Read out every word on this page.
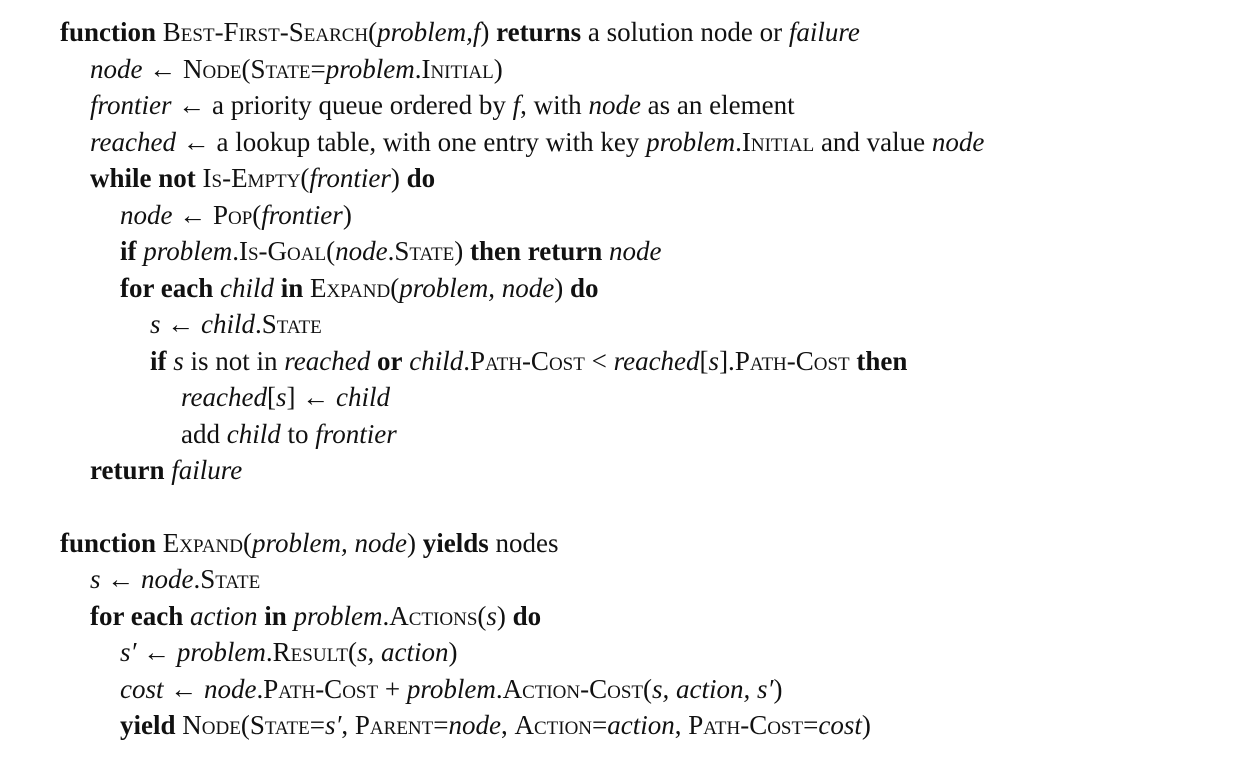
function Best-First-Search(problem,f) returns a solution node or failure
node ← Node(State=problem.Initial)
frontier ← a priority queue ordered by f, with node as an element
reached ← a lookup table, with one entry with key problem.Initial and value node
while not Is-Empty(frontier) do
node ← Pop(frontier)
if problem.Is-Goal(node.State) then return node
for each child in Expand(problem, node) do
s ← child.State
if s is not in reached or child.Path-Cost < reached[s].Path-Cost then
reached[s] ← child
add child to frontier
return failure
function Expand(problem, node) yields nodes
s ← node.State
for each action in problem.Actions(s) do
s′ ← problem.Result(s, action)
cost ← node.Path-Cost + problem.Action-Cost(s, action, s′)
yield Node(State=s′, Parent=node, Action=action, Path-Cost=cost)
